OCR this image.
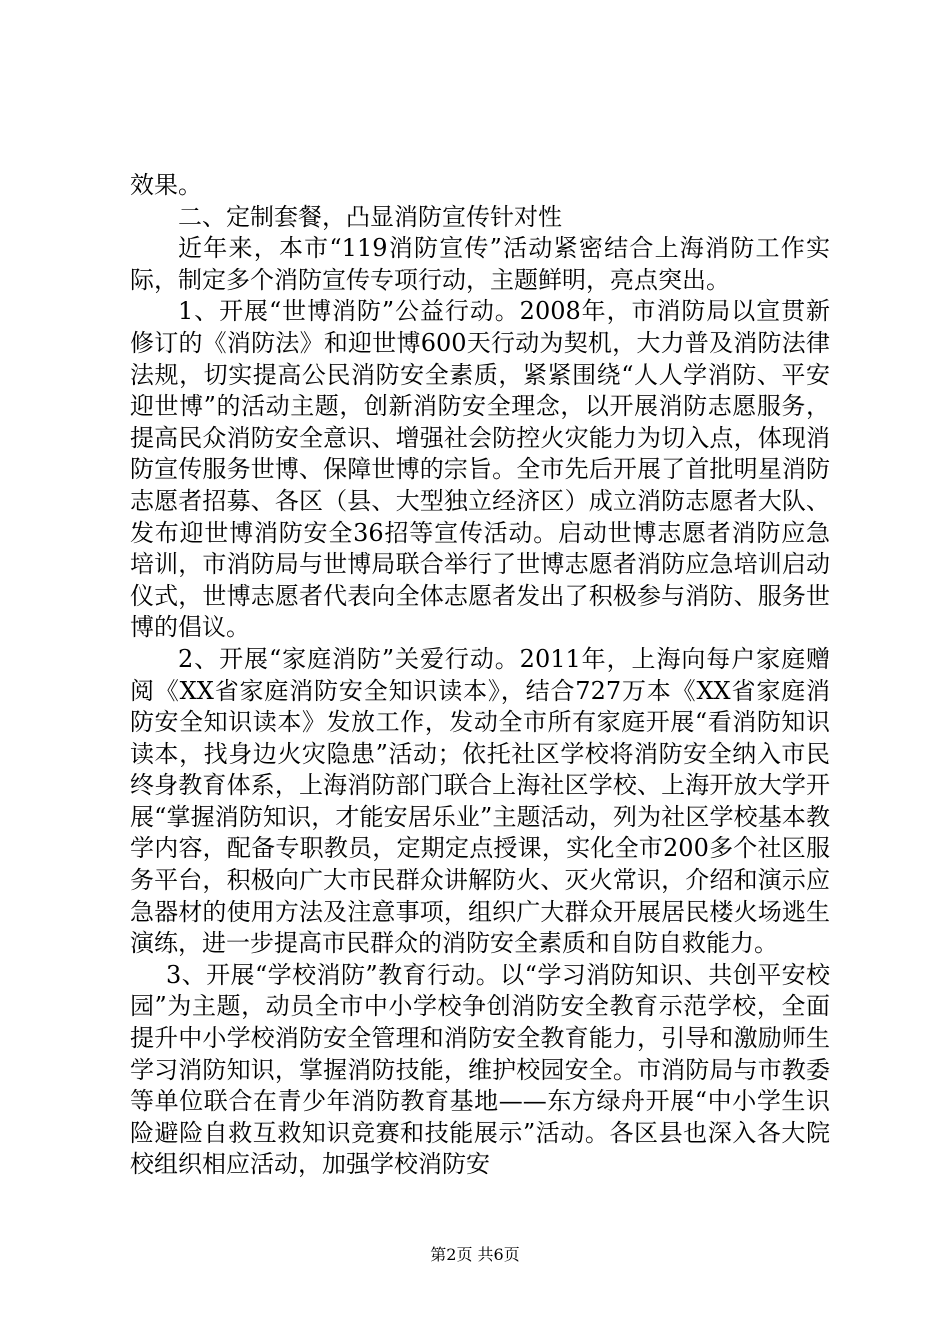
效果。

二、定制套餐，凸显消防宣传针对性

近年来，本市“119消防宣传”活动紧密结合上海消防工作实际，制定多个消防宣传专项行动，主题鲜明，亮点突出。

1、开展“世博消防”公益行动。2008年，市消防局以宣贯新修订的《消防法》和迎世博600天行动为契机，大力普及消防法律法规，切实提高公民消防安全素质，紧紧围绕“人人学消防、平安迎世博”的活动主题，创新消防安全理念，以开展消防志愿服务，提高民众消防安全意识、增强社会防控火灾能力为切入点，体现消防宣传服务世博、保障世博的宗旨。全市先后开展了首批明星消防志愿者招募、各区（县、大型独立经济区）成立消防志愿者大队、发布迎世博消防安全36招等宣传活动。启动世博志愿者消防应急培训，市消防局与世博局联合举行了世博志愿者消防应急培训启动仪式，世博志愿者代表向全体志愿者发出了积极参与消防、服务世博的倡议。

2、开展“家庭消防”关爱行动。2011年，上海向每户家庭赠阅《XX省家庭消防安全知识读本》，结合727万本《XX省家庭消防安全知识读本》发放工作，发动全市所有家庭开展“看消防知识读本，找身边火灾隐患”活动；依托社区学校将消防安全纳入市民终身教育体系，上海消防部门联合上海社区学校、上海开放大学开展“掌握消防知识，才能安居乐业”主题活动，列为社区学校基本教学内容，配备专职教员，定期定点授课，实化全市200多个社区服务平台，积极向广大市民群众讲解防火、灭火常识，介绍和演示应急器材的使用方法及注意事项，组织广大群众开展居民楼火场逃生演练，进一步提高市民群众的消防安全素质和自防自救能力。

3、开展“学校消防”教育行动。以“学习消防知识、共创平安校园”为主题，动员全市中小学校争创消防安全教育示范学校，全面提升中小学校消防安全管理和消防安全教育能力，引导和激励师生学习消防知识，掌握消防技能，维护校园安全。市消防局与市教委等单位联合在青少年消防教育基地——东方绿舟开展“中小学生识险避险自救互救知识竞赛和技能展示”活动。各区县也深入各大院校组织相应活动，加强学校消防安

第2页 共6页
